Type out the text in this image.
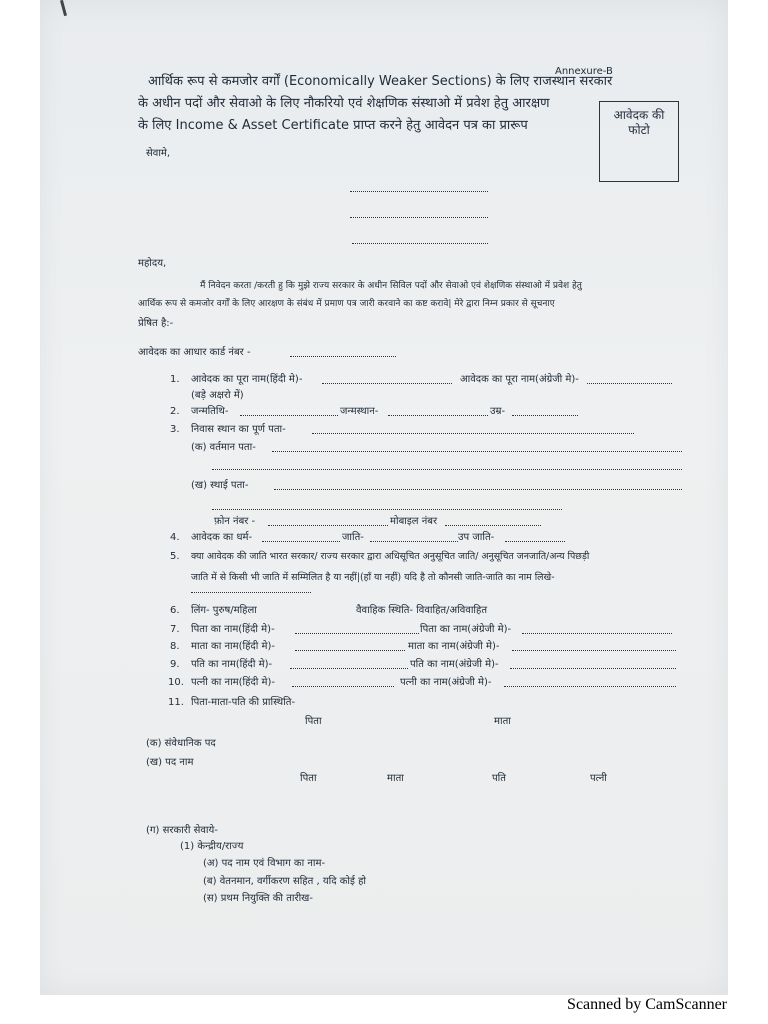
Annexure-B
आर्थिक रूप से कमजोर वर्गों (Economically Weaker Sections) के लिए राजस्थान सरकार
के अधीन पदों और सेवाओ के लिए नौकरियो एवं शेक्षणिक संस्थाओ में प्रवेश हेतु आरक्षण
के लिए Income & Asset Certificate प्राप्त करने हेतु आवेदन पत्र का प्रारूप
आवेदक की
फोटो
सेवामे,
महोदय,
मैं निवेदन करता /करती हु कि मुझे राज्य सरकार के अधीन सिविल पदों और सेवाओ एवं शेक्षणिक संस्थाओ में प्रवेश हेतु
आर्थिक रूप से कमजोर वर्गों के लिए आरक्षण के संबंध में प्रमाण पत्र जारी करवाने का कष्ट करावे| मेरे द्वारा निम्न प्रकार से सूचनाए
प्रेषित है:-
आवेदक का आधार कार्ड नंबर -
1. आवेदक का पूरा नाम(हिंदी मे)-	आवेदक का पूरा नाम(अंग्रेजी मे)-
(बड़े अक्षरो में)
2. जन्मतिथि-	जन्मस्थान-	उम्र-
3. निवास स्थान का पूर्ण पता-
(क) वर्तमान पता-
(ख) स्थाई पता-
फ़ोन नंबर -	मोबाइल नंबर
4. आवेदक का धर्म-	जाति-	उप जाति-
5. क्या आवेदक की जाति भारत सरकार/ राज्य सरकार द्वारा अधिसूचित अनुसूचित जाति/ अनुसूचित जनजाति/अन्य पिछड़ी
जाति में से किसी भी जाति में सम्मिलित है या नहीं|(हाँ या नहीं) यदि है तो कौनसी जाति-जाति का नाम लिखे-
6. लिंग- पुरुष/महिला	वैवाहिक स्थिति- विवाहित/अविवाहित
7. पिता का नाम(हिंदी मे)-	पिता का नाम(अंग्रेजी मे)-
8. माता का नाम(हिंदी मे)-	माता का नाम(अंग्रेजी मे)-
9. पति का नाम(हिंदी मे)-	पति का नाम(अंग्रेजी मे)-
10. पत्नी का नाम(हिंदी मे)-	पत्नी का नाम(अंग्रेजी मे)-
11. पिता-माता-पति की प्रास्थिति-
पिता	माता
(क) संवेधानिक पद
(ख) पद नाम
पिता	माता	पति	पत्नी
(ग) सरकारी सेवाये-
(1) केन्द्रीय/राज्य
(अ) पद नाम एवं विभाग का नाम-
(ब) वेतनमान, वर्गीकरण सहित , यदि कोई हो
(स) प्रथम नियुक्ति की तारीख-
Scanned by CamScanner
